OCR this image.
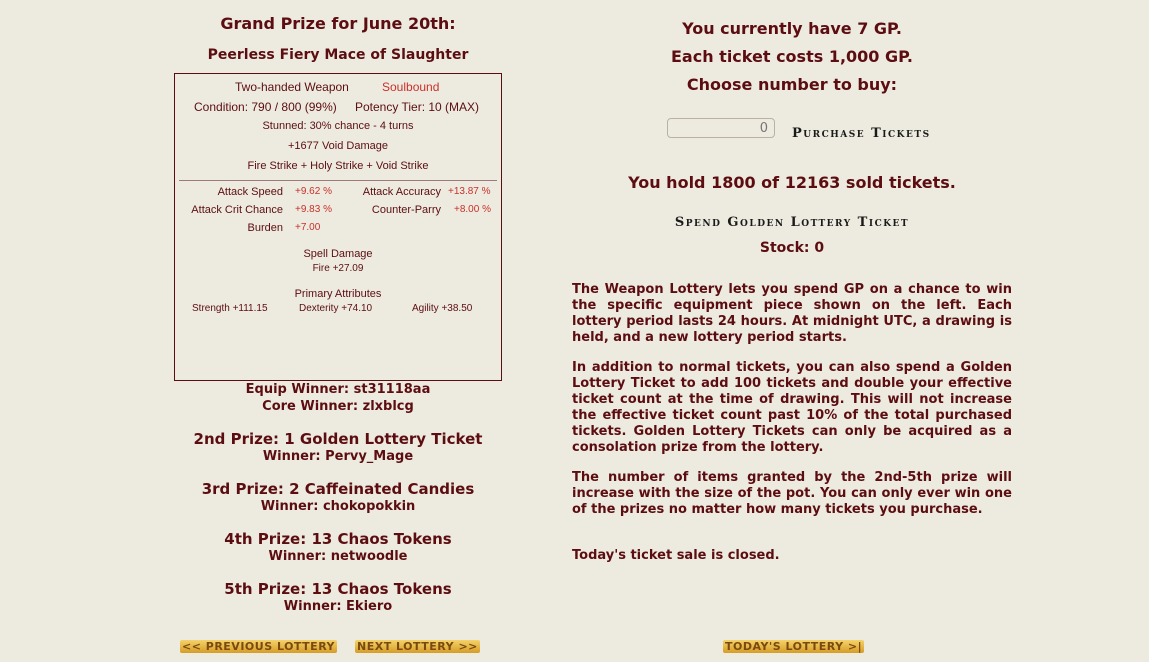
Grand Prize for June 20th:
Peerless Fiery Mace of Slaughter
Two-handed Weapon	Soulbound
Condition: 790 / 800 (99%) Potency Tier: 10 (MAX)
Stunned: 30% chance - 4 turns
+1677 Void Damage
Fire Strike + Holy Strike + Void Strike
Attack Speed +9.62 %	Attack Accuracy +13.87 %
Attack Crit Chance +9.83 %	Counter-Parry +8.00 %
Burden +7.00
Spell Damage
Fire +27.09
Primary Attributes
Strength +111.15	Dexterity +74.10	Agility +38.50
Equip Winner: st31118aa
Core Winner: zlxblcg
2nd Prize: 1 Golden Lottery Ticket
Winner: Pervy_Mage
3rd Prize: 2 Caffeinated Candies
Winner: chokopokkin
4th Prize: 13 Chaos Tokens
Winner: netwoodle
5th Prize: 13 Chaos Tokens
Winner: Ekiero
You currently have 7 GP.
Each ticket costs 1,000 GP.
Choose number to buy:
0
Purchase Tickets
You hold 1800 of 12163 sold tickets.
Spend Golden Lottery Ticket
Stock: 0

The Weapon Lottery lets you spend GP on a chance to win the specific equipment piece shown on the left. Each lottery period lasts 24 hours. At midnight UTC, a drawing is held, and a new lottery period starts.

In addition to normal tickets, you can also spend a Golden Lottery Ticket to add 100 tickets and double your effective ticket count at the time of drawing. This will not increase the effective ticket count past 10% of the total purchased tickets. Golden Lottery Tickets can only be acquired as a consolation prize from the lottery.

The number of items granted by the 2nd-5th prize will increase with the size of the pot. You can only ever win one of the prizes no matter how many tickets you purchase.

Today's ticket sale is closed.

<< PREVIOUS LOTTERY NEXT LOTTERY >>	TODAY'S LOTTERY >|
